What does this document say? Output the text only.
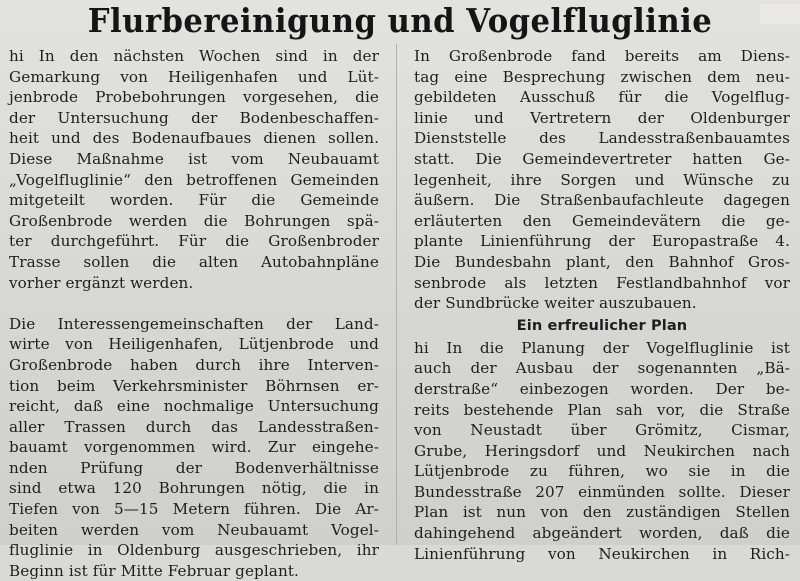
Flurbereinigung und Vogelfluglinie
hi In den nächsten Wochen sind in der
Gemarkung von Heiligenhafen und Lüt-
jenbrode Probebohrungen vorgesehen, die
der Untersuchung der Bodenbeschaffen-
heit und des Bodenaufbaues dienen sollen.
Diese Maßnahme ist vom Neubauamt
„Vogelfluglinie“ den betroffenen Gemeinden
mitgeteilt worden. Für die Gemeinde
Großenbrode werden die Bohrungen spä-
ter durchgeführt. Für die Großenbroder
Trasse sollen die alten Autobahnpläne
vorher ergänzt werden.
Die Interessengemeinschaften der Land-
wirte von Heiligenhafen, Lütjenbrode und
Großenbrode haben durch ihre Interven-
tion beim Verkehrsminister Böhrnsen er-
reicht, daß eine nochmalige Untersuchung
aller Trassen durch das Landesstraßen-
bauamt vorgenommen wird. Zur eingehe-
nden Prüfung der Bodenverhältnisse
sind etwa 120 Bohrungen nötig, die in
Tiefen von 5—15 Metern führen. Die Ar-
beiten werden vom Neubauamt Vogel-
fluglinie in Oldenburg ausgeschrieben, ihr
Beginn ist für Mitte Februar geplant.
In Großenbrode fand bereits am Diens-
tag eine Besprechung zwischen dem neu-
gebildeten Ausschuß für die Vogelflug-
linie und Vertretern der Oldenburger
Dienststelle des Landesstraßenbauamtes
statt. Die Gemeindevertreter hatten Ge-
legenheit, ihre Sorgen und Wünsche zu
äußern. Die Straßenbaufachleute dagegen
erläuterten den Gemeindevätern die ge-
plante Linienführung der Europastraße 4.
Die Bundesbahn plant, den Bahnhof Gros-
senbrode als letzten Festlandbahnhof vor
der Sundbrücke weiter auszubauen.

Ein erfreulicher Plan

hi In die Planung der Vogelfluglinie ist
auch der Ausbau der sogenannten „Bä-
derstraße“ einbezogen worden. Der be-
reits bestehende Plan sah vor, die Straße
von Neustadt über Grömitz, Cismar,
Grube, Heringsdorf und Neukirchen nach
Lütjenbrode zu führen, wo sie in die
Bundesstraße 207 einmünden sollte. Dieser
Plan ist nun von den zuständigen Stellen
dahingehend abgeändert worden, daß die
Linienführung von Neukirchen in Rich-
